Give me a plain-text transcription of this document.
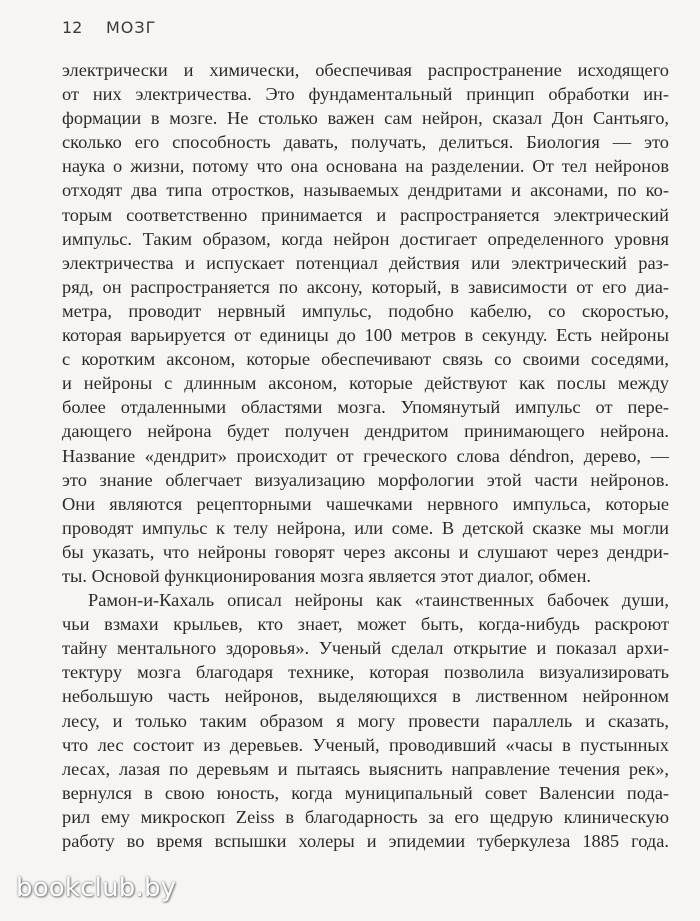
12	МОЗГ

электрически и химически, обеспечивая распространение исходящего
от них электричества. Это фундаментальный принцип обработки ин-
формации в мозге. Не столько важен сам нейрон, сказал Дон Сантьяго,
сколько его способность давать, получать, делиться. Биология — это
наука о жизни, потому что она основана на разделении. От тел нейронов
отходят два типа отростков, называемых дендритами и аксонами, по ко-
торым соответственно принимается и распространяется электрический
импульс. Таким образом, когда нейрон достигает определенного уровня
электричества и испускает потенциал действия или электрический раз-
ряд, он распространяется по аксону, который, в зависимости от его диа-
метра, проводит нервный импульс, подобно кабелю, со скоростью,
которая варьируется от единицы до 100 метров в секунду. Есть нейроны
с коротким аксоном, которые обеспечивают связь со своими соседями,
и нейроны с длинным аксоном, которые действуют как послы между
более отдаленными областями мозга. Упомянутый импульс от пере-
дающего нейрона будет получен дендритом принимающего нейрона.
Название «дендрит» происходит от греческого слова déndron, дерево, —
это знание облегчает визуализацию морфологии этой части нейронов.
Они являются рецепторными чашечками нервного импульса, которые
проводят импульс к телу нейрона, или соме. В детской сказке мы могли
бы указать, что нейроны говорят через аксоны и слушают через дендри-
ты. Основой функционирования мозга является этот диалог, обмен.

Рамон-и-Кахаль описал нейроны как «таинственных бабочек души,
чьи взмахи крыльев, кто знает, может быть, когда-нибудь раскроют
тайну ментального здоровья». Ученый сделал открытие и показал архи-
тектуру мозга благодаря технике, которая позволила визуализировать
небольшую часть нейронов, выделяющихся в лиственном нейронном
лесу, и только таким образом я могу провести параллель и сказать,
что лес состоит из деревьев. Ученый, проводивший «часы в пустынных
лесах, лазая по деревьям и пытаясь выяснить направление течения рек»,
вернулся в свою юность, когда муниципальный совет Валенсии пода-
рил ему микроскоп Zeiss в благодарность за его щедрую клиническую
работу во время вспышки холеры и эпидемии туберкулеза 1885 года.

bookclub.by
